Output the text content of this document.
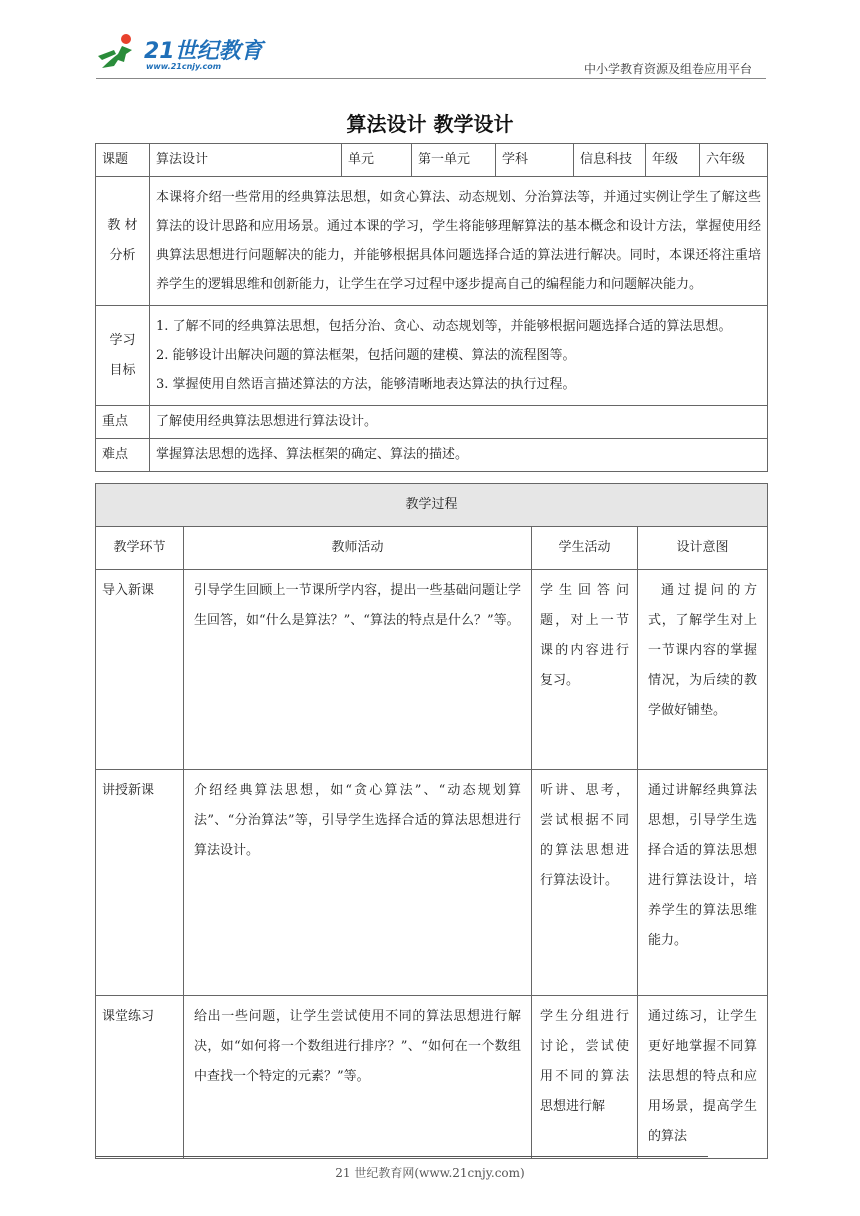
21世纪教育
www.21cnjy.com	中小学教育资源及组卷应用平台
算法设计 教学设计
课题	算法设计	单元	第一单元	学科	信息科技	年级	六年级
教 材 分析	本课将介绍一些常用的经典算法思想，如贪心算法、动态规划、分治算法等，并通过实例让学生了解这些算法的设计思路和应用场景。通过本课的学习，学生将能够理解算法的基本概念和设计方法，掌握使用经典算法思想进行问题解决的能力，并能够根据具体问题选择合适的算法进行解决。同时，本课还将注重培养学生的逻辑思维和创新能力，让学生在学习过程中逐步提高自己的编程能力和问题解决能力。						
学习 目标	1. 了解不同的经典算法思想，包括分治、贪心、动态规划等，并能够根据问题选择合适的算法思想。
2. 能够设计出解决问题的算法框架，包括问题的建模、算法的流程图等。
3. 掌握使用自然语言描述算法的方法，能够清晰地表达算法的执行过程。						

重点	了解使用经典算法思想进行算法设计。						
难点	掌握算法思想的选择、算法框架的确定、算法的描述。						
教学过程			
教学环节	教师活动	学生活动	设计意图
导入新课	引导学生回顾上一节课所学内容，提出一些基础问题让学生回答，如“什么是算法？”、“算法的特点是什么？”等。	学生回答问题，对上一节课的内容进行复习。	通过提问的方式，了解学生对上一节课内容的掌握情况，为后续的教学做好铺垫。
讲授新课	介绍经典算法思想，如“贪心算法”、“动态规划算法”、“分治算法”等，引导学生选择合适的算法思想进行算法设计。	听讲、思考，尝试根据不同的算法思想进行算法设计。	通过讲解经典算法思想，引导学生选择合适的算法思想进行算法设计，培养学生的算法思维能力。
课堂练习	给出一些问题，让学生尝试使用不同的算法思想进行解决，如“如何将一个数组进行排序？”、“如何在一个数组中查找一个特定的元素？”等。	学生分组进行讨论，尝试使用不同的算法思想进行解	通过练习，让学生更好地掌握不同算法思想的特点和应用场景，提高学生的算法
21 世纪教育网(www.21cnjy.com)
